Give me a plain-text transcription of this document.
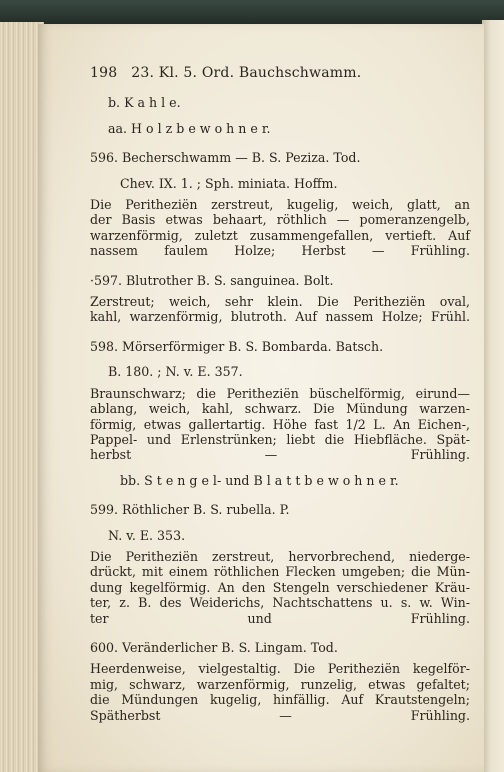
198 23. Kl. 5. Ord. Bauchschwamm.
b. K a h l e.
aa. H o l z b e w o h n e r.
596. Becherschwamm — B. S. Peziza. Tod.
Chev. IX. 1. ; Sph. miniata. Hoffm.
Die Peritheziën zerstreut, kugelig, weich, glatt, an
der Basis etwas behaart, röthlich — pomeranzengelb,
warzenförmig, zuletzt zusammengefallen, vertieft. Auf
nassem faulem Holze; Herbst — Frühling.
·597. Blutrother B. S. sanguinea. Bolt.
Zerstreut; weich, sehr klein. Die Peritheziën oval,
kahl, warzenförmig, blutroth. Auf nassem Holze; Frühl.
598. Mörserförmiger B. S. Bombarda. Batsch.
B. 180. ; N. v. E. 357.
Braunschwarz; die Peritheziën büschelförmig, eirund—
ablang, weich, kahl, schwarz. Die Mündung warzen-
förmig, etwas gallertartig. Höhe fast 1/2 L. An Eichen-,
Pappel- und Erlenstrünken; liebt die Hiebfläche. Spät-
herbst — Frühling.
bb. S t e n g e l- und B l a t t b e w o h n e r.
599. Röthlicher B. S. rubella. P.
N. v. E. 353.
Die Peritheziën zerstreut, hervorbrechend, niederge-
drückt, mit einem röthlichen Flecken umgeben; die Mün-
dung kegelförmig. An den Stengeln verschiedener Kräu-
ter, z. B. des Weiderichs, Nachtschattens u. s. w. Win-
ter und Frühling.
600. Veränderlicher B. S. Lingam. Tod.
Heerdenweise, vielgestaltig. Die Peritheziën kegelför-
mig, schwarz, warzenförmig, runzelig, etwas gefaltet;
die Mündungen kugelig, hinfällig. Auf Krautstengeln;
Spätherbst — Frühling.
